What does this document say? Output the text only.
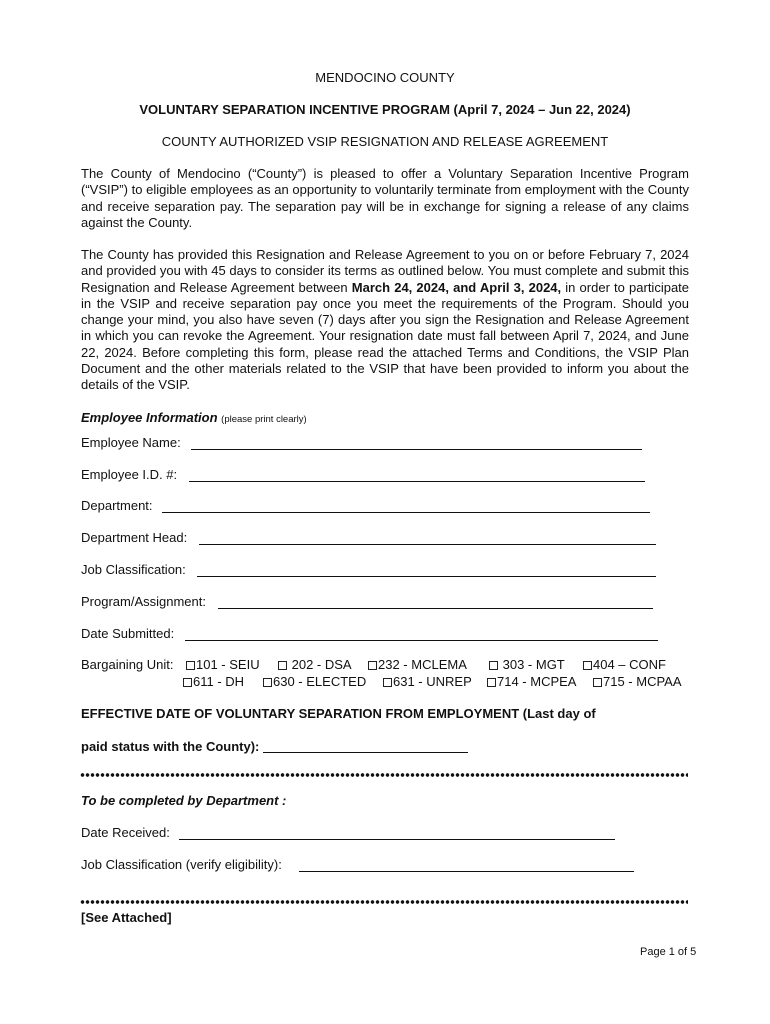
MENDOCINO COUNTY
VOLUNTARY SEPARATION INCENTIVE PROGRAM (April 7, 2024 – Jun 22, 2024)
COUNTY AUTHORIZED VSIP RESIGNATION AND RELEASE AGREEMENT

The County of Mendocino (“County”) is pleased to offer a Voluntary Separation Incentive Program (“VSIP”) to eligible employees as an opportunity to voluntarily terminate from employment with the County and receive separation pay. The separation pay will be in exchange for signing a release of any claims against the County.

The County has provided this Resignation and Release Agreement to you on or before February 7, 2024 and provided you with 45 days to consider its terms as outlined below. You must complete and submit this Resignation and Release Agreement between March 24, 2024, and April 3, 2024, in order to participate in the VSIP and receive separation pay once you meet the requirements of the Program. Should you change your mind, you also have seven (7) days after you sign the Resignation and Release Agreement in which you can revoke the Agreement. Your resignation date must fall between April 7, 2024, and June 22, 2024. Before completing this form, please read the attached Terms and Conditions, the VSIP Plan Document and the other materials related to the VSIP that have been provided to inform you about the details of the VSIP.

Employee Information (please print clearly)
Employee Name:
Employee I.D. #:
Department:
Department Head:
Job Classification:
Program/Assignment:
Date Submitted:
Bargaining Unit:	101 - SEIU	202 - DSA	232 - MCLEMA	303 - MGT	404 – CONF
611 - DH	630 - ELECTED	631 - UNREP	714 - MCPEA	715 - MCPAA
EFFECTIVE DATE OF VOLUNTARY SEPARATION FROM EMPLOYMENT (Last day of
paid status with the County):
To be completed by Department :
Date Received:
Job Classification (verify eligibility):
[See Attached]
Page 1 of 5
